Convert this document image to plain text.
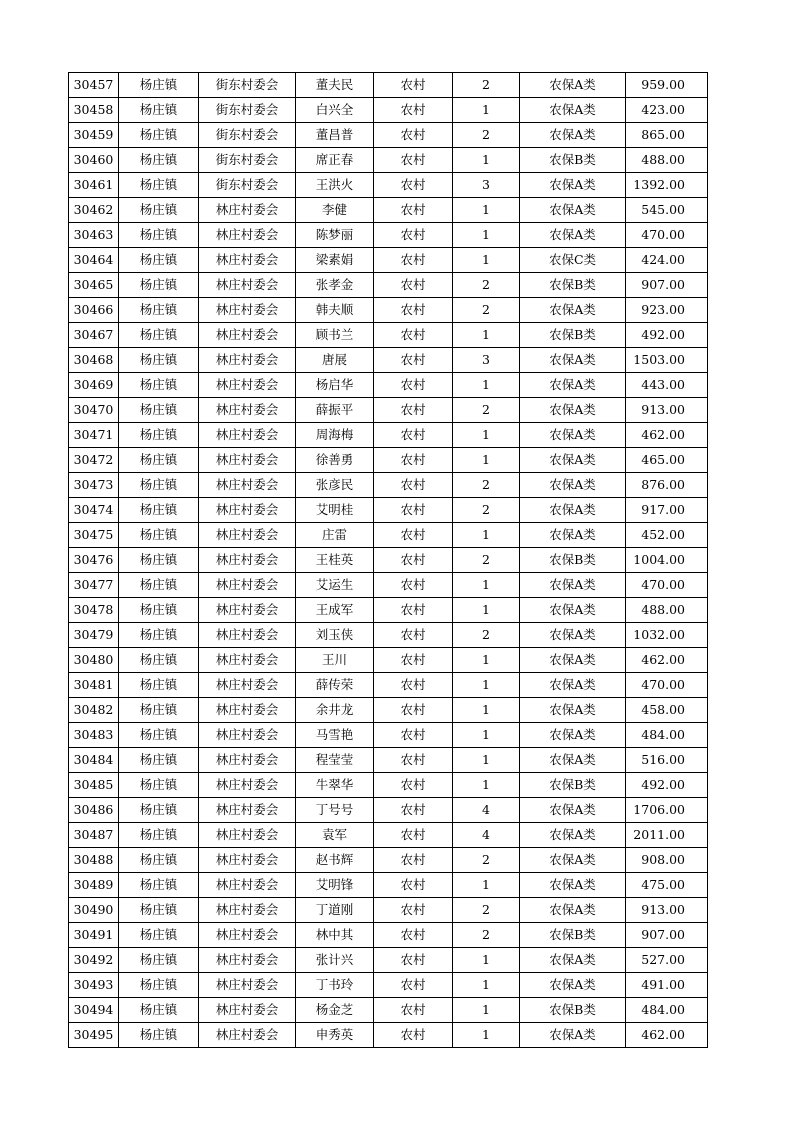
30457	杨庄镇	街东村委会	董夫民	农村	2	农保A类	959.00
30458	杨庄镇	街东村委会	白兴全	农村	1	农保A类	423.00
30459	杨庄镇	街东村委会	董昌普	农村	2	农保A类	865.00
30460	杨庄镇	街东村委会	席正春	农村	1	农保B类	488.00
30461	杨庄镇	街东村委会	王洪火	农村	3	农保A类	1392.00
30462	杨庄镇	林庄村委会	李健	农村	1	农保A类	545.00
30463	杨庄镇	林庄村委会	陈梦丽	农村	1	农保A类	470.00
30464	杨庄镇	林庄村委会	梁素娟	农村	1	农保C类	424.00
30465	杨庄镇	林庄村委会	张孝金	农村	2	农保B类	907.00
30466	杨庄镇	林庄村委会	韩夫顺	农村	2	农保A类	923.00
30467	杨庄镇	林庄村委会	顾书兰	农村	1	农保B类	492.00
30468	杨庄镇	林庄村委会	唐展	农村	3	农保A类	1503.00
30469	杨庄镇	林庄村委会	杨启华	农村	1	农保A类	443.00
30470	杨庄镇	林庄村委会	薛振平	农村	2	农保A类	913.00
30471	杨庄镇	林庄村委会	周海梅	农村	1	农保A类	462.00
30472	杨庄镇	林庄村委会	徐善勇	农村	1	农保A类	465.00
30473	杨庄镇	林庄村委会	张彦民	农村	2	农保A类	876.00
30474	杨庄镇	林庄村委会	艾明桂	农村	2	农保A类	917.00
30475	杨庄镇	林庄村委会	庄雷	农村	1	农保A类	452.00
30476	杨庄镇	林庄村委会	王桂英	农村	2	农保B类	1004.00
30477	杨庄镇	林庄村委会	艾运生	农村	1	农保A类	470.00
30478	杨庄镇	林庄村委会	王成军	农村	1	农保A类	488.00
30479	杨庄镇	林庄村委会	刘玉侠	农村	2	农保A类	1032.00
30480	杨庄镇	林庄村委会	王川	农村	1	农保A类	462.00
30481	杨庄镇	林庄村委会	薛传荣	农村	1	农保A类	470.00
30482	杨庄镇	林庄村委会	余井龙	农村	1	农保A类	458.00
30483	杨庄镇	林庄村委会	马雪艳	农村	1	农保A类	484.00
30484	杨庄镇	林庄村委会	程莹莹	农村	1	农保A类	516.00
30485	杨庄镇	林庄村委会	牛翠华	农村	1	农保B类	492.00
30486	杨庄镇	林庄村委会	丁号号	农村	4	农保A类	1706.00
30487	杨庄镇	林庄村委会	袁军	农村	4	农保A类	2011.00
30488	杨庄镇	林庄村委会	赵书辉	农村	2	农保A类	908.00
30489	杨庄镇	林庄村委会	艾明锋	农村	1	农保A类	475.00
30490	杨庄镇	林庄村委会	丁道刚	农村	2	农保A类	913.00
30491	杨庄镇	林庄村委会	林中其	农村	2	农保B类	907.00
30492	杨庄镇	林庄村委会	张计兴	农村	1	农保A类	527.00
30493	杨庄镇	林庄村委会	丁书玲	农村	1	农保A类	491.00
30494	杨庄镇	林庄村委会	杨金芝	农村	1	农保B类	484.00
30495	杨庄镇	林庄村委会	申秀英	农村	1	农保A类	462.00
